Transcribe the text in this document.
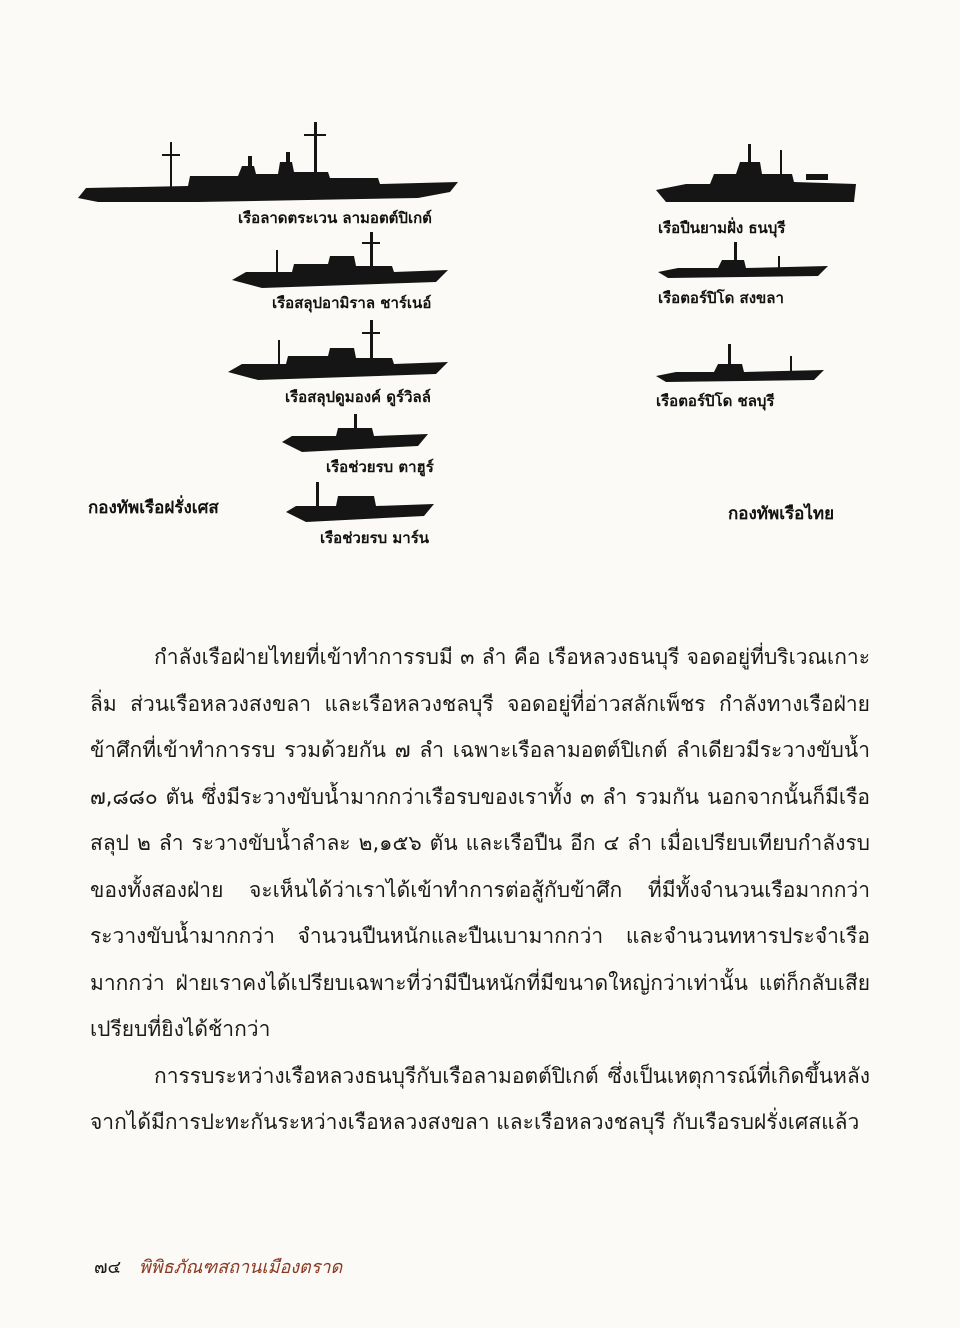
เรือลาดตระเวน ลามอตต์ปิเกต์
เรือสลุปอามิราล ชาร์เนอ์
เรือสลุปดูมองค์ ดูร์วิลล์
เรือช่วยรบ ตาฮูร์
กองทัพเรือฝรั่งเศส
เรือช่วยรบ มาร์น
เรือปืนยามฝั่ง ธนบุรี
เรือตอร์ปิโด สงขลา
เรือตอร์ปิโด ชลบุรี
กองทัพเรือไทย

กำลังเรือฝ่ายไทยที่เข้าทำการรบมี ๓ ลำ คือ เรือหลวงธนบุรี จอดอยู่ที่บริเวณเกาะลิ่ม ส่วนเรือหลวงสงขลา และเรือหลวงชลบุรี จอดอยู่ที่อ่าวสลักเพ็ชร กำลังทางเรือฝ่ายข้าศึกที่เข้าทำการรบ รวมด้วยกัน ๗ ลำ เฉพาะเรือลามอตต์ปิเกต์ ลำเดียวมีระวางขับน้ำ ๗,๘๘๐ ตัน ซึ่งมีระวางขับน้ำมากกว่าเรือรบของเราทั้ง ๓ ลำ รวมกัน นอกจากนั้นก็มีเรือสลุป ๒ ลำ ระวางขับน้ำลำละ ๒,๑๕๖ ตัน และเรือปืน อีก ๔ ลำ เมื่อเปรียบเทียบกำลังรบของทั้งสองฝ่าย จะเห็นได้ว่าเราได้เข้าทำการต่อสู้กับข้าศึก ที่มีทั้งจำนวนเรือมากกว่า ระวางขับน้ำมากกว่า จำนวนปืนหนักและปืนเบามากกว่า และจำนวนทหารประจำเรือมากกว่า ฝ่ายเราคงได้เปรียบเฉพาะที่ว่ามีปืนหนักที่มีขนาดใหญ่กว่าเท่านั้น แต่ก็กลับเสียเปรียบที่ยิงได้ช้ากว่า

การรบระหว่างเรือหลวงธนบุรีกับเรือลามอตต์ปิเกต์ ซึ่งเป็นเหตุการณ์ที่เกิดขึ้นหลังจากได้มีการปะทะกันระหว่างเรือหลวงสงขลา และเรือหลวงชลบุรี กับเรือรบฝรั่งเศสแล้ว

๗๔ พิพิธภัณฑสถานเมืองตราด
